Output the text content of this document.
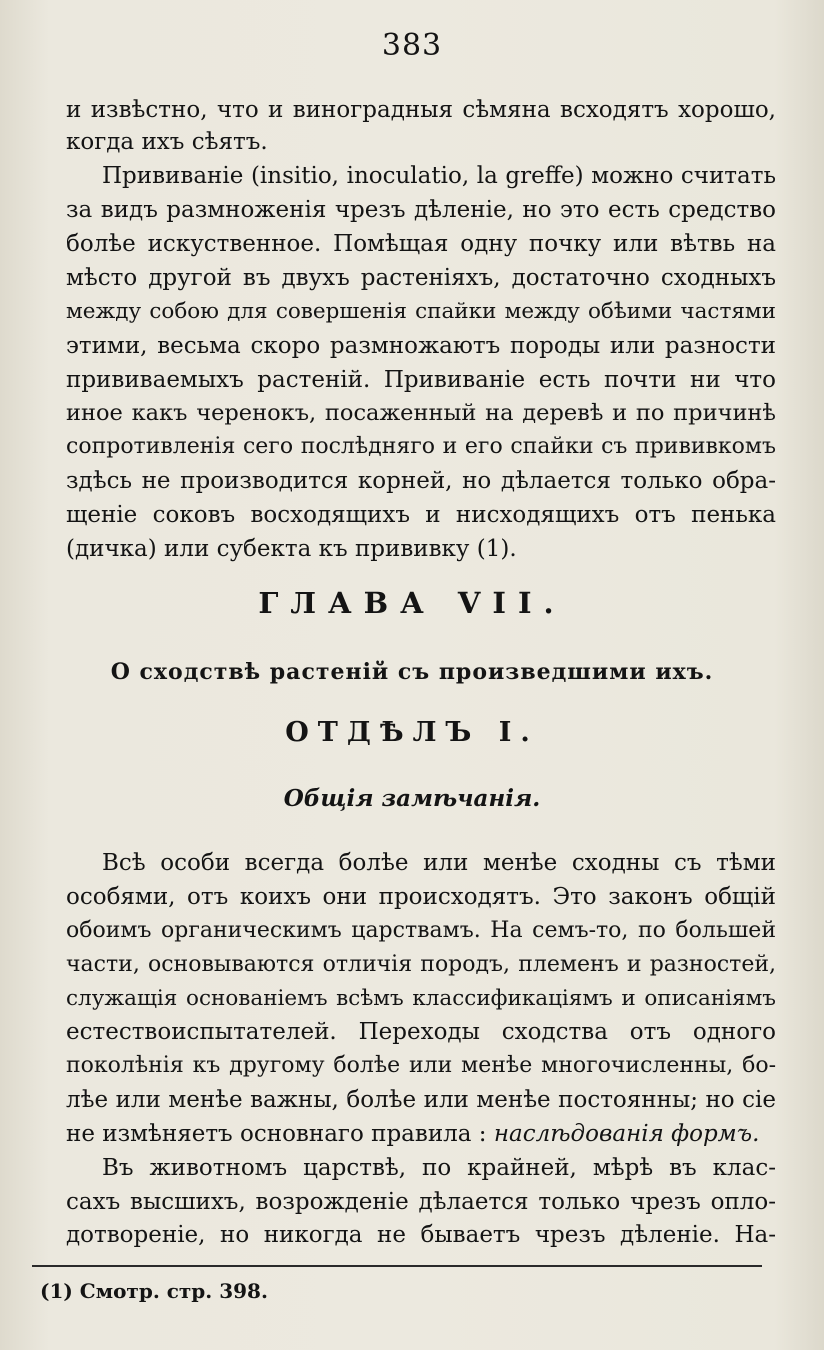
383
и извѣстно, что и виноградныя сѣмяна всходятъ хорошо,
когда ихъ сѣятъ.
Прививаніе (insitio, inoculatio, la greffe) можно считать
за видъ размноженія чрезъ дѣленіе, но это есть средство
болѣе искуственное. Помѣщая одну почку или вѣтвь на
мѣсто другой въ двухъ растеніяхъ, достаточно сходныхъ
между собою для совершенія спайки между обѣими частями
этими, весьма скоро размножаютъ породы или разности
прививаемыхъ растеній. Прививаніе есть почти ни что
иное какъ черенокъ, посаженный на деревѣ и по причинѣ
сопротивленія сего послѣдняго и его спайки съ прививкомъ
здѣсь не производится корней, но дѣлается только обра-
щеніе соковъ восходящихъ и нисходящихъ отъ пенька
(дичка) или субекта къ прививку (1).
ГЛАВА VII.
О сходствѣ растеній съ произведшими ихъ.
ОТДѢЛЪ I.
Общія замѣчанія.
Всѣ особи всегда болѣе или менѣе сходны съ тѣми
особями, отъ коихъ они происходятъ. Это законъ общій
обоимъ органическимъ царствамъ. На семъ-то, по большей
части, основываются отличія породъ, племенъ и разностей,
служащія основаніемъ всѣмъ классификаціямъ и описаніямъ
естествоиспытателей. Переходы сходства отъ одного
поколѣнія къ другому болѣе или менѣе многочисленны, бо-
лѣе или менѣе важны, болѣе или менѣе постоянны; но сіе
не измѣняетъ основнаго правила : наслѣдованія формъ.
Въ животномъ царствѣ, по крайней, мѣрѣ въ клас-
сахъ высшихъ, возрожденіе дѣлается только чрезъ опло-
дотвореніе, но никогда не бываетъ чрезъ дѣленіе. На-
(1) Смотр. стр. 398.
